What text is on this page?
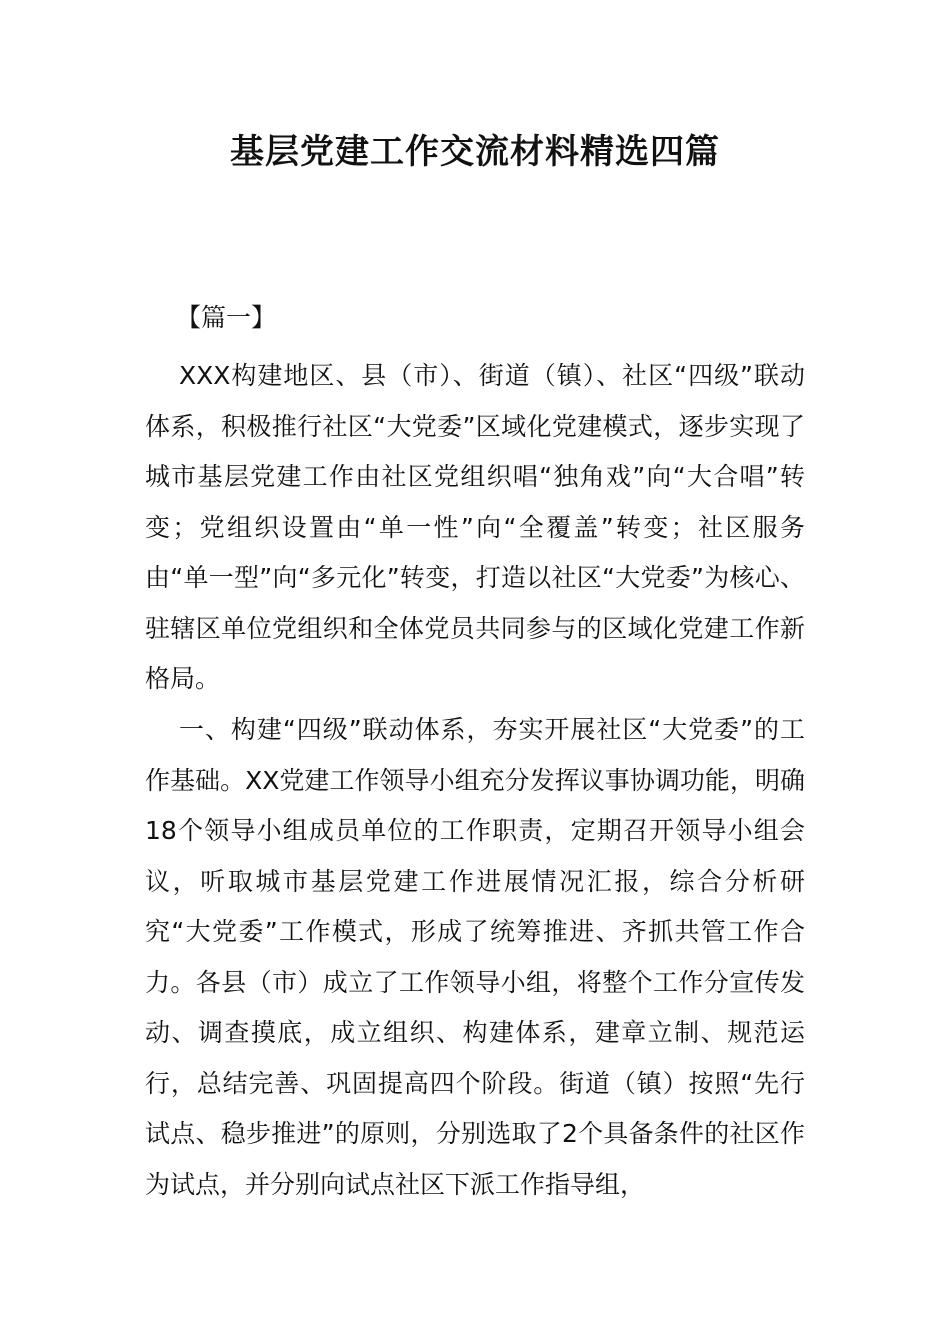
基层党建工作交流材料精选四篇
【篇一】
XXX构建地区、县（市）、街道（镇）、社区“四级”联动体系，积极推行社区“大党委”区域化党建模式，逐步实现了城市基层党建工作由社区党组织唱“独角戏”向“大合唱”转变；党组织设置由“单一性”向“全覆盖”转变；社区服务由“单一型”向“多元化”转变，打造以社区“大党委”为核心、驻辖区单位党组织和全体党员共同参与的区域化党建工作新格局。
一、构建“四级”联动体系，夯实开展社区“大党委”的工作基础。XX党建工作领导小组充分发挥议事协调功能，明确18个领导小组成员单位的工作职责，定期召开领导小组会议，听取城市基层党建工作进展情况汇报，综合分析研究“大党委”工作模式，形成了统筹推进、齐抓共管工作合力。各县（市）成立了工作领导小组，将整个工作分宣传发动、调查摸底，成立组织、构建体系，建章立制、规范运行，总结完善、巩固提高四个阶段。街道（镇）按照“先行试点、稳步推进”的原则，分别选取了2个具备条件的社区作为试点，并分别向试点社区下派工作指导组，
